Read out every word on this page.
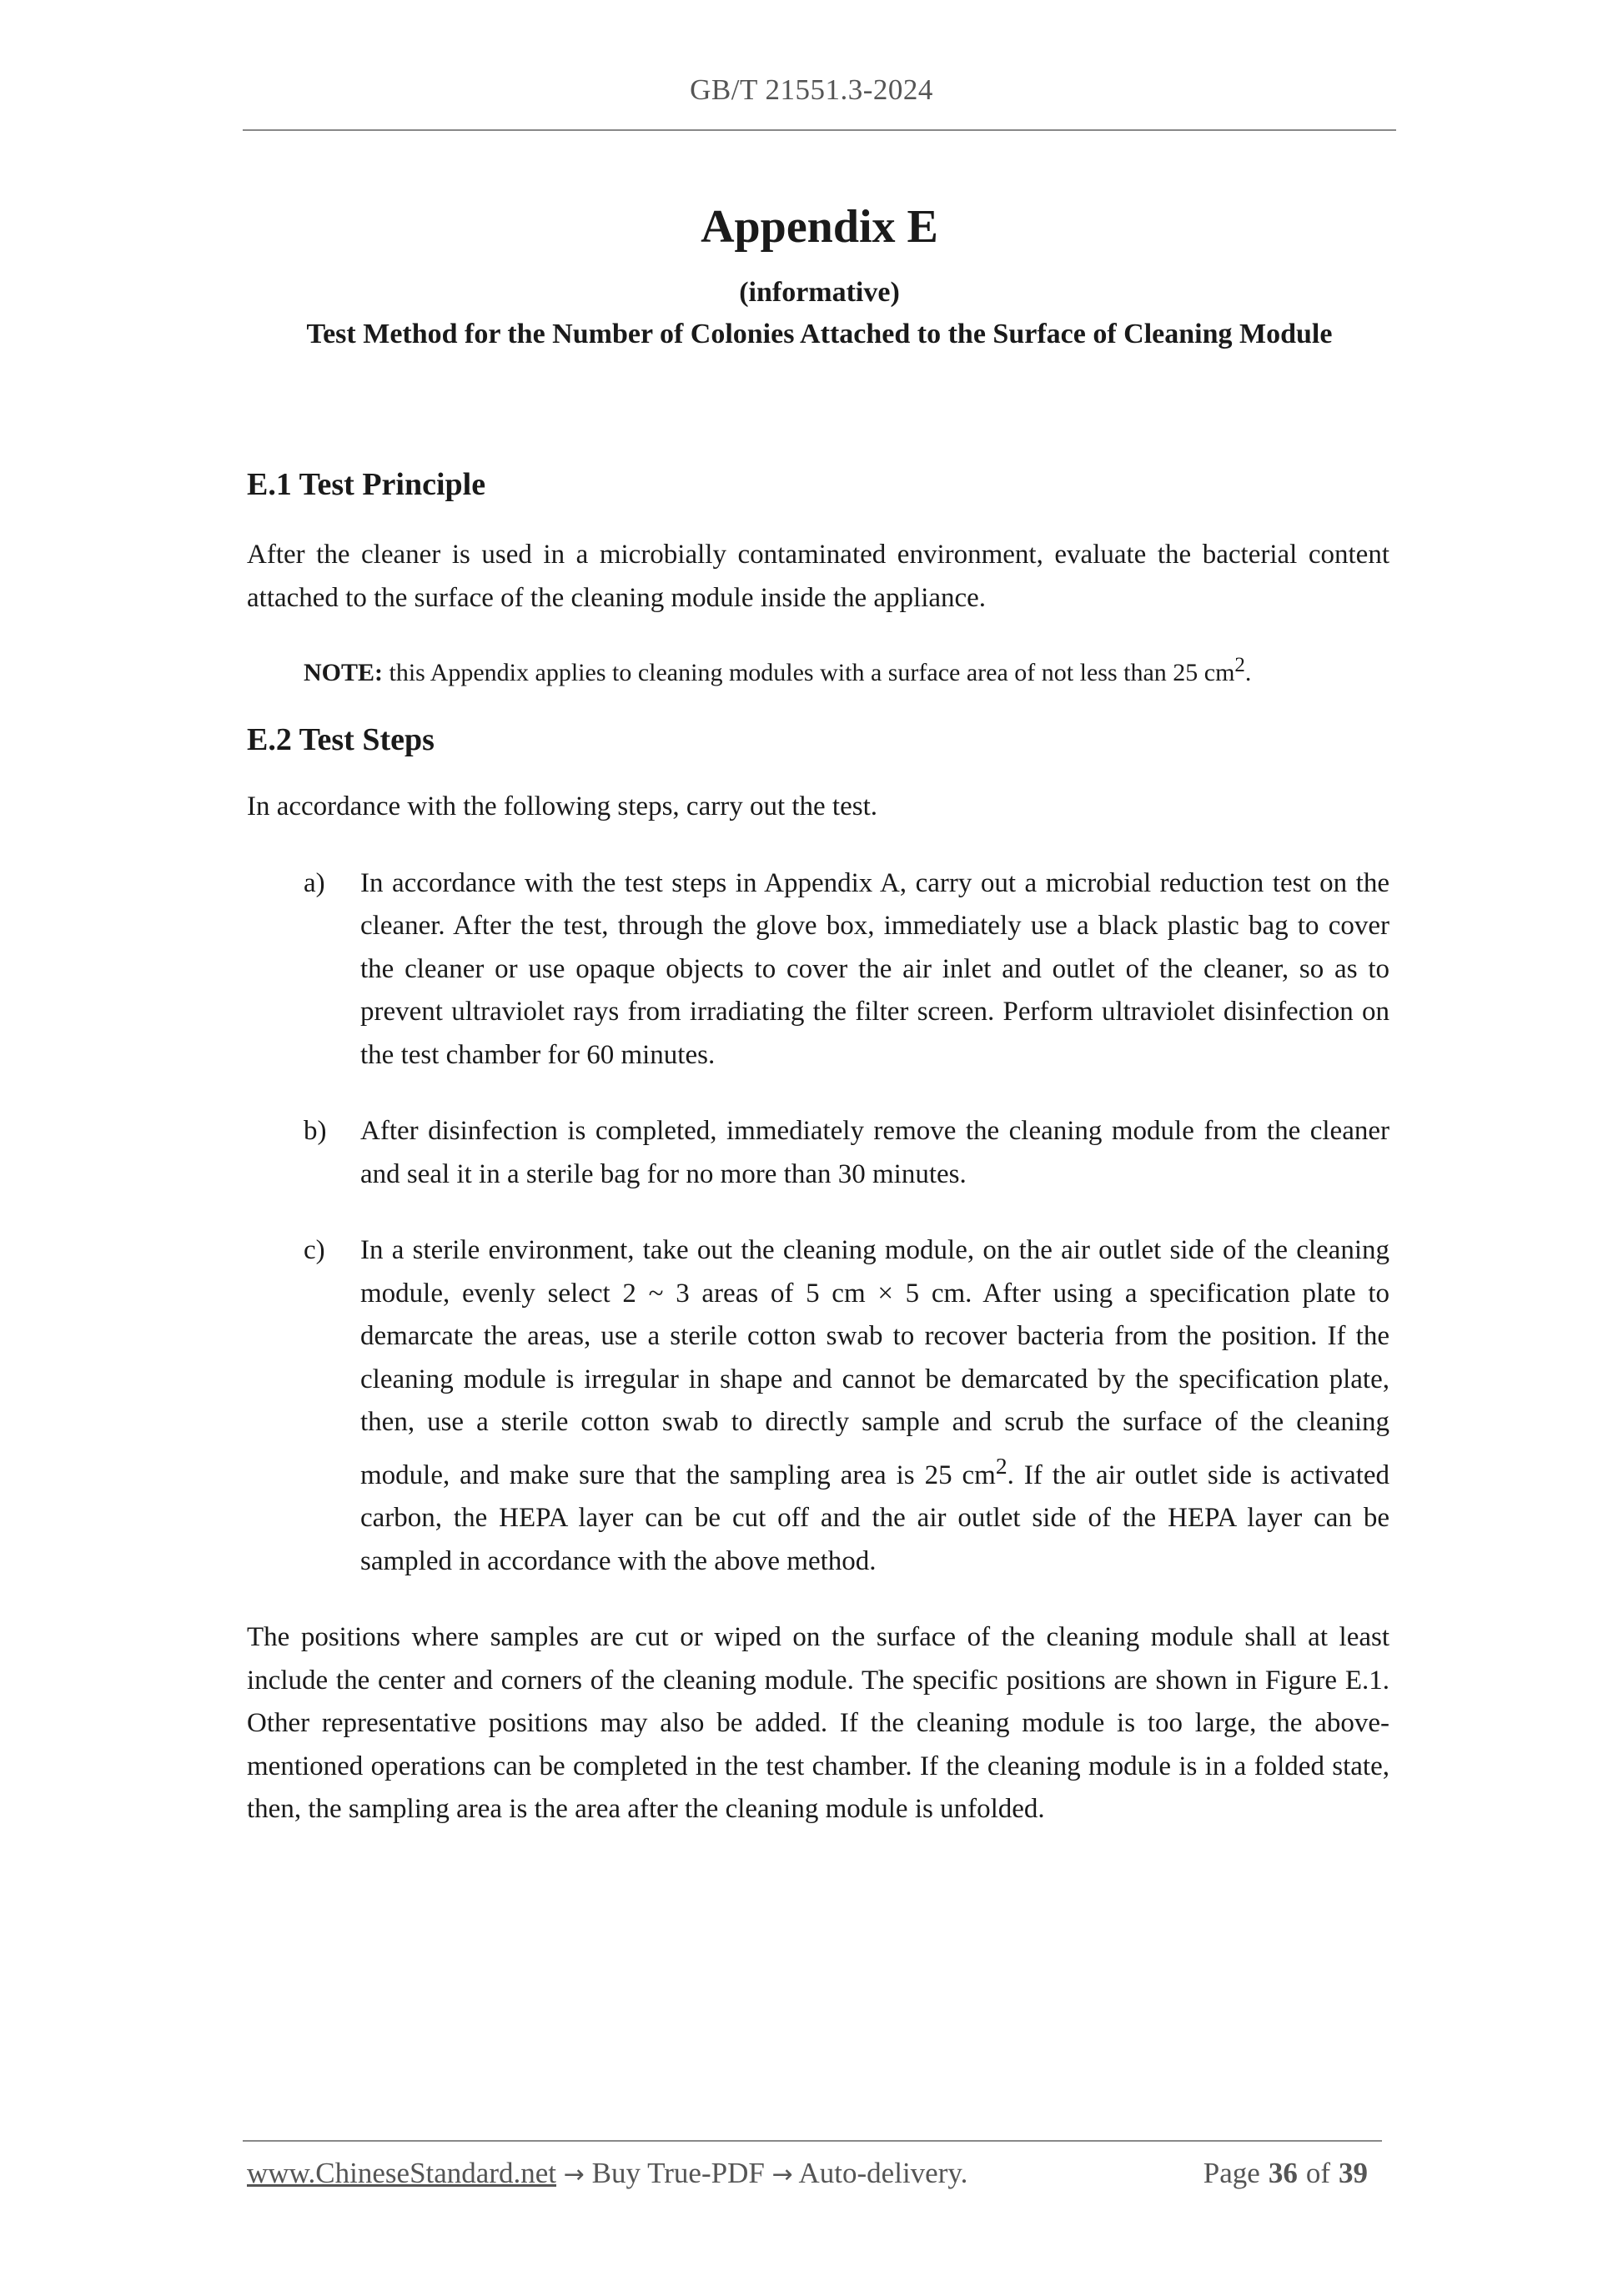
GB/T 21551.3-2024
Appendix E
(informative)
Test Method for the Number of Colonies Attached to the Surface of Cleaning Module
E.1 Test Principle

After the cleaner is used in a microbially contaminated environment, evaluate the bacterial content attached to the surface of the cleaning module inside the appliance.

NOTE: this Appendix applies to cleaning modules with a surface area of not less than 25 $cm^2$.

E.2 Test Steps

In accordance with the following steps, carry out the test.

a)	In accordance with the test steps in Appendix A, carry out a microbial reduction test on the cleaner. After the test, through the glove box, immediately use a black plastic bag to cover the cleaner or use opaque objects to cover the air inlet and outlet of the cleaner, so as to prevent ultraviolet rays from irradiating the filter screen. Perform ultraviolet disinfection on the test chamber for 60 minutes.
b)	After disinfection is completed, immediately remove the cleaning module from the cleaner and seal it in a sterile bag for no more than 30 minutes.
c)	In a sterile environment, take out the cleaning module, on the air outlet side of the cleaning module, evenly select 2 ~ 3 areas of 5 cm × 5 cm. After using a specification plate to demarcate the areas, use a sterile cotton swab to recover bacteria from the position. If the cleaning module is irregular in shape and cannot be demarcated by the specification plate, then, use a sterile cotton swab to directly sample and scrub the surface of the cleaning module, and make sure that the sampling area is 25 $cm^2$. If the air outlet side is activated carbon, the HEPA layer can be cut off and the air outlet side of the HEPA layer can be sampled in accordance with the above method.

The positions where samples are cut or wiped on the surface of the cleaning module shall at least include the center and corners of the cleaning module. The specific positions are shown in Figure E.1. Other representative positions may also be added. If the cleaning module is too large, the above-mentioned operations can be completed in the test chamber. If the cleaning module is in a folded state, then, the sampling area is the area after the cleaning module is unfolded.

www.ChineseStandard.net → Buy True-PDF → Auto-delivery.	Page 36 of 39
